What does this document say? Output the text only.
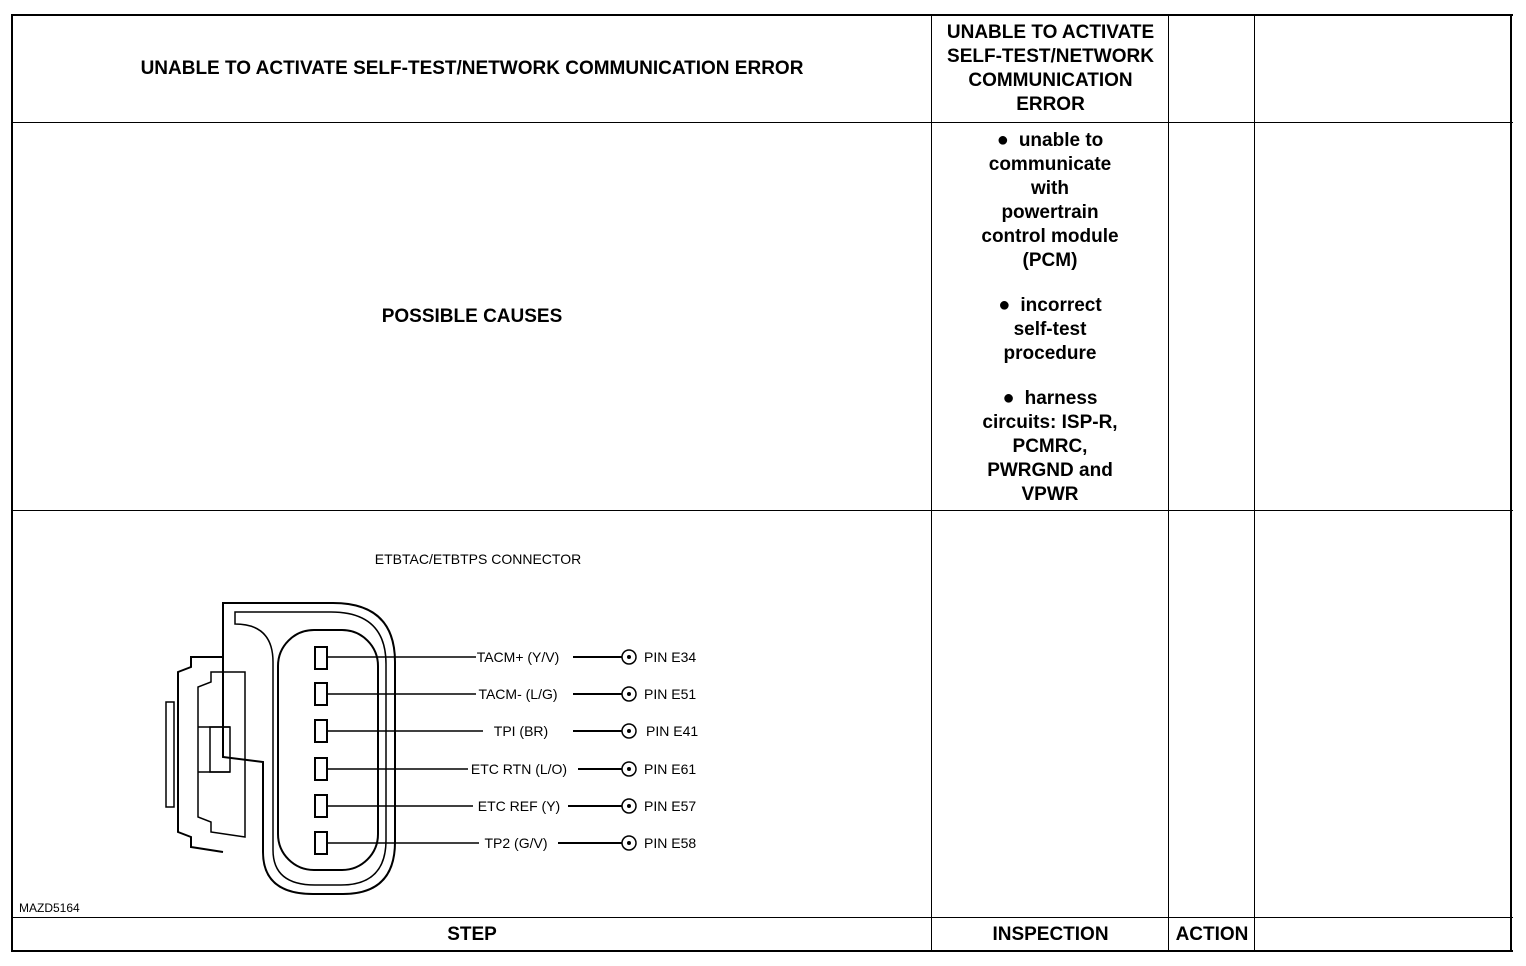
UNABLE TO ACTIVATE SELF-TEST/NETWORK COMMUNICATION ERROR
UNABLE TO ACTIVATE
SELF-TEST/NETWORK
COMMUNICATION
ERROR
POSSIBLE CAUSES
● unable to
communicate
with
powertrain
control module
(PCM)
● incorrect
self-test
procedure
● harness
circuits: ISP-R,
PCMRC,
PWRGND and
VPWR
ETBTAC/ETBTPS CONNECTOR
TACM+ (Y/V)	PIN E34
TACM- (L/G)	PIN E51
TPI (BR)	PIN E41
ETC RTN (L/O)	PIN E61
ETC REF (Y)	PIN E57
TP2 (G/V)	PIN E58
MAZD5164
STEP	INSPECTION	ACTION
